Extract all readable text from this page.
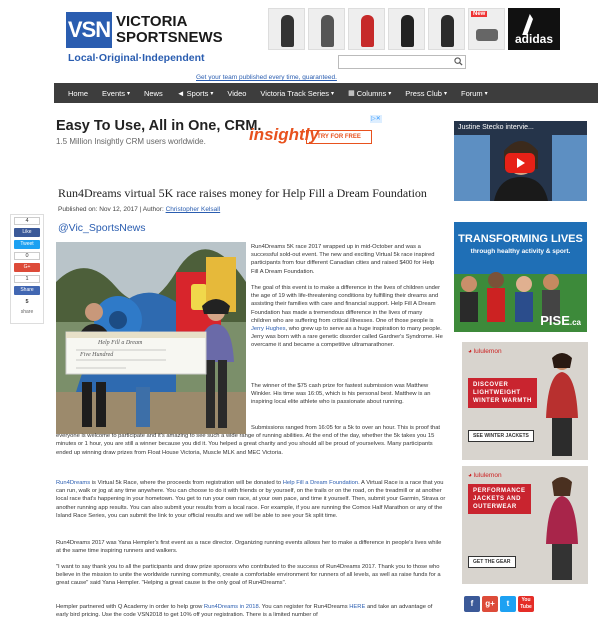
VSN VICTORIA
SPORTSNEWS
Local·Original·Independent
New
adidas
Get your team published every time, guaranteed.
Home Events ▾ News ◄ Sports ▾ Video Victoria Track Series ▾ ▦ Columns ▾ Press Club ▾ Forum ▾
Easy To Use, All in One, CRM.
1.5 Million Insightly CRM users worldwide.	insightly
TRY FOR FREE
▷✕
4
Like
Tweet
0
G+
1
Share
5
share
Run4Dreams virtual 5K race raises money for Help Fill a Dream Foundation
Published on: Nov 12, 2017 | Author: Christopher Kelsall
@Vic_SportsNews
Help Fill a Dream
Five Hundred

Run4Dreams 5K race 2017 wrapped up in mid-October and was a successful sold-out event. The new and exciting Virtual 5k race inspired participants from four different Canadian cities and raised $400 for Help Fill A Dream Foundation.

The goal of this event is to make a difference in the lives of children under the age of 19 with life-threatening conditions by fulfilling their dreams and assisting their families with care and financial support. Help Fill A Dream Foundation has made a tremendous difference in the lives of many children who are suffering from critical illnesses. One of those people is Jerry Hughes, who grew up to serve as a huge inspiration to many people. Jerry was born with a rare genetic disorder called Gardner's Syndrome. He overcame it and became a competitive ultramarathoner.

The winner of the $75 cash prize for fastest submission was Matthew Winkler. His time was 16:05, which is his personal best. Matthew is an inspiring local elite athlete who is passionate about running.

Submissions ranged from 16:05 for a 5k to over an hour. This is proof that everyone is welcome to participate and it's amazing to see such a wide range of running abilities. At the end of the day, whether the 5k takes you 15 minutes or 1 hour, you are still a winner because you did it. You helped a great charity and you should all be proud of yourselves. Many participants ended up winning draw prizes from Float House Victoria, Muscle MLK and MEC Victoria.

Run4Dreams is Virtual 5k Race, where the proceeds from registration will be donated to Help Fill a Dream Foundation. A Virtual Race is a race that you can run, walk or jog at any time anywhere. You can choose to do it with friends or by yourself, on the trails or on the road, on the treadmill or at another local race that's happening in your hometown. You get to run your own race, at your own pace, and time it yourself. Then, submit your Garmin, Strava or another running app results. You can also submit your results from a local race. For example, if you are running the Comox Half Marathon or any of the Island Race Series, you can submit the link to your official results and we will be able to see your 5k split time.

Run4Dreams 2017 was Yana Hempler's first event as a race director. Organizing running events allows her to make a difference in people's lives while at the same time inspiring runners and walkers.

"I want to say thank you to all the participants and draw prize sponsors who contributed to the success of Run4Dreams 2017. Thank you to those who believe in the mission to unite the worldwide running community, create a comfortable environment for runners of all levels, as well as raise funds for a great cause" said Yana Hempler. "Helping a great cause is the only goal of Run4Dreams".

Hempler partnered with Q Academy in order to help grow Run4Dreams in 2018. You can register for Run4Dreams HERE and take an advantage of early bird pricing. Use the code VSN2018 to get 10% off your registration. There is a limited number of

Justine Stecko intervie...
TRANSFORMING LIVES
through healthy activity & sport.
PISE.ca
◕ lululemon
DISCOVER
LIGHTWEIGHT
WINTER WARMTH
SEE WINTER JACKETS
◕ lululemon
PERFORMANCE
JACKETS AND
OUTERWEAR
GET THE GEAR
f	g+	t	You Tube
